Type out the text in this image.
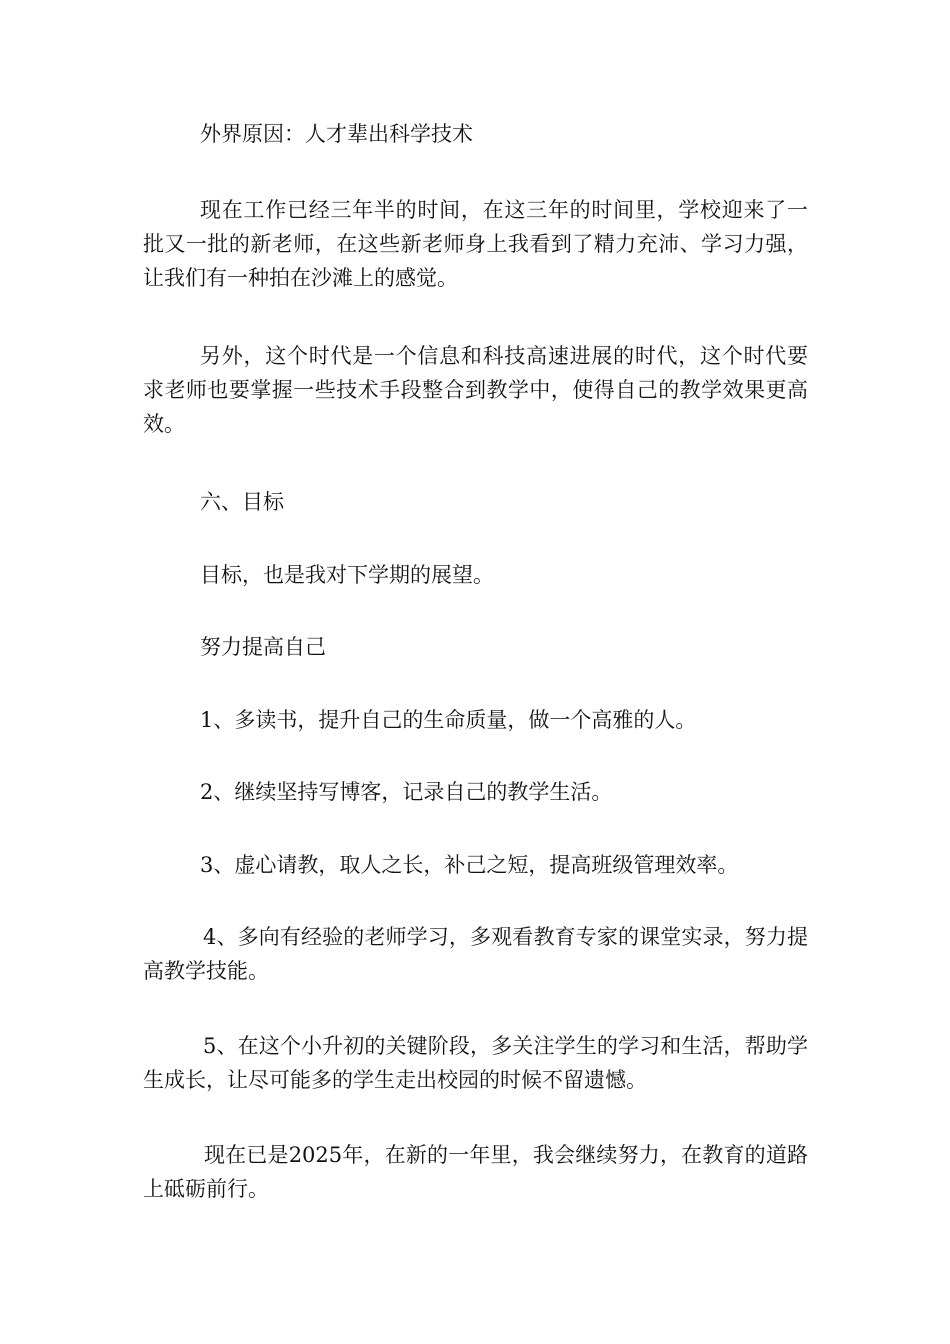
外界原因：人才辈出科学技术

现在工作已经三年半的时间，在这三年的时间里，学校迎来了一批又一批的新老师，在这些新老师身上我看到了精力充沛、学习力强，让我们有一种拍在沙滩上的感觉。

另外，这个时代是一个信息和科技高速进展的时代，这个时代要求老师也要掌握一些技术手段整合到教学中，使得自己的教学效果更高效。

六、目标

目标，也是我对下学期的展望。

努力提高自己

1、多读书，提升自己的生命质量，做一个高雅的人。

2、继续坚持写博客，记录自己的教学生活。

3、虚心请教，取人之长，补己之短，提高班级管理效率。

4、多向有经验的老师学习，多观看教育专家的课堂实录，努力提高教学技能。

5、在这个小升初的关键阶段，多关注学生的学习和生活，帮助学生成长，让尽可能多的学生走出校园的时候不留遗憾。

现在已是2025年，在新的一年里，我会继续努力，在教育的道路上砥砺前行。
